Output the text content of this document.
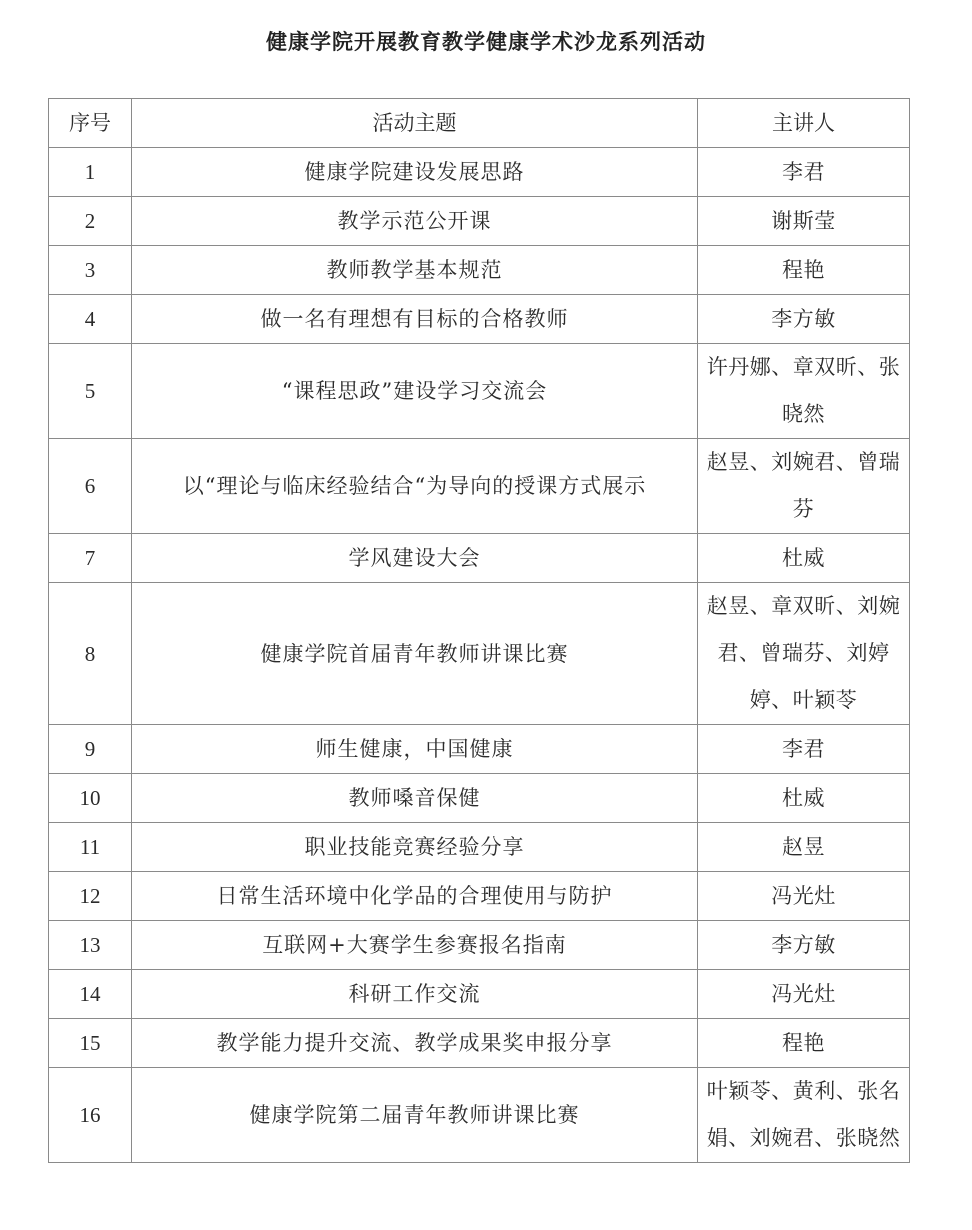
健康学院开展教育教学健康学术沙龙系列活动
序号	活动主题	主讲人
1	健康学院建设发展思路	李君
2	教学示范公开课	谢斯莹
3	教师教学基本规范	程艳
4	做一名有理想有目标的合格教师	李方敏
5	“课程思政”建设学习交流会	许丹娜、章双昕、张晓然
6	以“理论与临床经验结合“为导向的授课方式展示	赵昱、刘婉君、曾瑞芬
7	学风建设大会	杜威
8	健康学院首届青年教师讲课比赛	赵昱、章双昕、刘婉君、曾瑞芬、刘婷婷、叶颖苓
9	师生健康，中国健康	李君
10	教师嗓音保健	杜威
11	职业技能竞赛经验分享	赵昱
12	日常生活环境中化学品的合理使用与防护	冯光灶
13	互联网+大赛学生参赛报名指南	李方敏
14	科研工作交流	冯光灶
15	教学能力提升交流、教学成果奖申报分享	程艳
16	健康学院第二届青年教师讲课比赛	叶颖苓、黄利、张名娟、刘婉君、张晓然
